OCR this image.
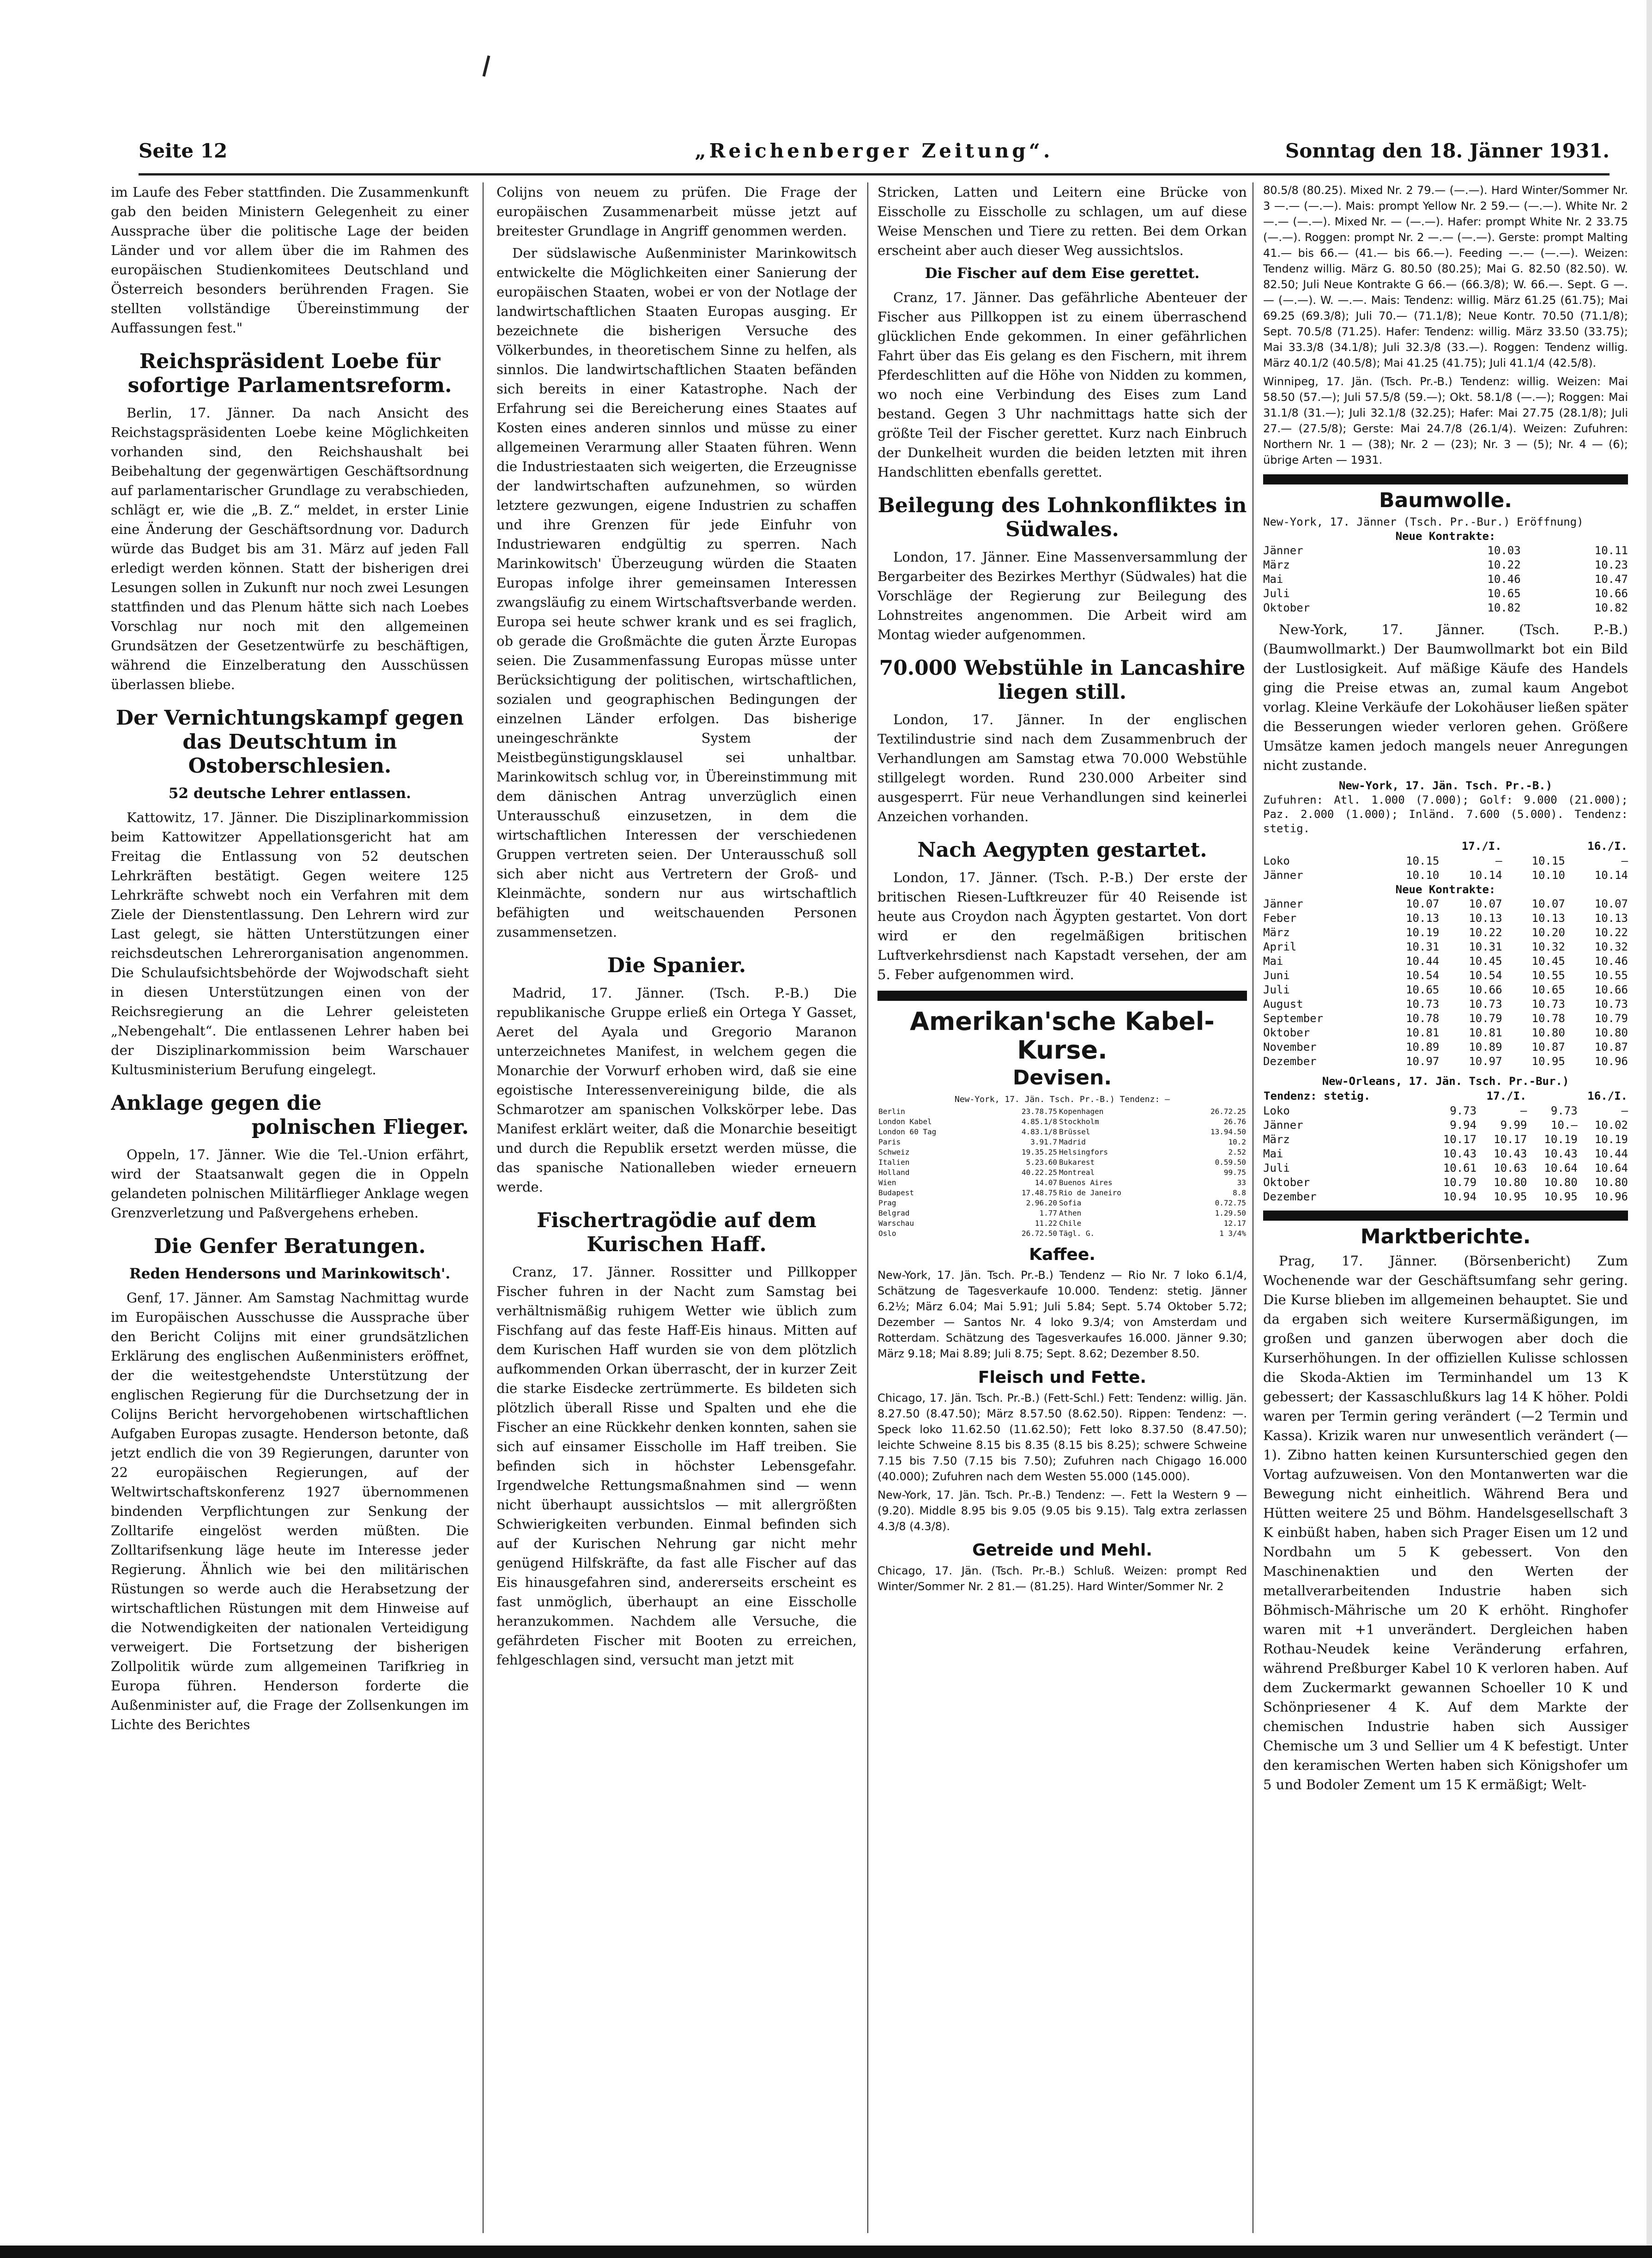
Seite 12	„Reichenberger Zeitung“.	Sonntag den 18. Jänner 1931.

im Laufe des Feber stattfinden. Die Zusammenkunft gab den beiden Ministern Gelegenheit zu einer Aussprache über die politische Lage der beiden Länder und vor allem über die im Rahmen des europäischen Studienkomitees Deutschland und Österreich besonders berührenden Fragen. Sie stellten vollständige Übereinstimmung der Auffassungen fest."

Reichspräsident Loebe für sofortige Parlamentsreform.

Berlin, 17. Jänner. Da nach Ansicht des Reichstagspräsidenten Loebe keine Möglichkeiten vorhanden sind, den Reichshaushalt bei Beibehaltung der gegenwärtigen Geschäftsordnung auf parlamentarischer Grundlage zu verabschieden, schlägt er, wie die „B. Z.“ meldet, in erster Linie eine Änderung der Geschäftsordnung vor. Dadurch würde das Budget bis am 31. März auf jeden Fall erledigt werden können. Statt der bisherigen drei Lesungen sollen in Zukunft nur noch zwei Lesungen stattfinden und das Plenum hätte sich nach Loebes Vorschlag nur noch mit den allgemeinen Grundsätzen der Gesetzentwürfe zu beschäftigen, während die Einzelberatung den Ausschüssen überlassen bliebe.

Der Vernichtungskampf gegen das Deutschtum in Ostoberschlesien.
52 deutsche Lehrer entlassen.

Kattowitz, 17. Jänner. Die Disziplinarkommission beim Kattowitzer Appellationsgericht hat am Freitag die Entlassung von 52 deutschen Lehrkräften bestätigt. Gegen weitere 125 Lehrkräfte schwebt noch ein Verfahren mit dem Ziele der Dienstentlassung. Den Lehrern wird zur Last gelegt, sie hätten Unterstützungen einer reichsdeutschen Lehrerorganisation angenommen. Die Schulaufsichtsbehörde der Wojwodschaft sieht in diesen Unterstützungen einen von der Reichsregierung an die Lehrer geleisteten „Nebengehalt“. Die entlassenen Lehrer haben bei der Disziplinarkommission beim Warschauer Kultusministerium Berufung eingelegt.

Anklage gegen die
polnischen Flieger.

Oppeln, 17. Jänner. Wie die Tel.-Union erfährt, wird der Staatsanwalt gegen die in Oppeln gelandeten polnischen Militärflieger Anklage wegen Grenzverletzung und Paßvergehens erheben.

Die Genfer Beratungen.
Reden Hendersons und Marinkowitsch'.

Genf, 17. Jänner. Am Samstag Nachmittag wurde im Europäischen Ausschusse die Aussprache über den Bericht Colijns mit einer grundsätzlichen Erklärung des englischen Außenministers eröffnet, der die weitestgehendste Unterstützung der englischen Regierung für die Durchsetzung der in Colijns Bericht hervorgehobenen wirtschaftlichen Aufgaben Europas zusagte. Henderson betonte, daß jetzt endlich die von 39 Regierungen, darunter von 22 europäischen Regierungen, auf der Weltwirtschaftskonferenz 1927 übernommenen bindenden Verpflichtungen zur Senkung der Zolltarife eingelöst werden müßten. Die Zolltarifsenkung läge heute im Interesse jeder Regierung. Ähnlich wie bei den militärischen Rüstungen so werde auch die Herabsetzung der wirtschaftlichen Rüstungen mit dem Hinweise auf die Notwendigkeiten der nationalen Verteidigung verweigert. Die Fortsetzung der bisherigen Zollpolitik würde zum allgemeinen Tarifkrieg in Europa führen. Henderson forderte die Außenminister auf, die Frage der Zollsenkungen im Lichte des Berichtes

Colijns von neuem zu prüfen. Die Frage der europäischen Zusammenarbeit müsse jetzt auf breitester Grundlage in Angriff genommen werden.

Der südslawische Außenminister Marinkowitsch entwickelte die Möglichkeiten einer Sanierung der europäischen Staaten, wobei er von der Notlage der landwirtschaftlichen Staaten Europas ausging. Er bezeichnete die bisherigen Versuche des Völkerbundes, in theoretischem Sinne zu helfen, als sinnlos. Die landwirtschaftlichen Staaten befänden sich bereits in einer Katastrophe. Nach der Erfahrung sei die Bereicherung eines Staates auf Kosten eines anderen sinnlos und müsse zu einer allgemeinen Verarmung aller Staaten führen. Wenn die Industriestaaten sich weigerten, die Erzeugnisse der landwirtschaften aufzunehmen, so würden letztere gezwungen, eigene Industrien zu schaffen und ihre Grenzen für jede Einfuhr von Industriewaren endgültig zu sperren. Nach Marinkowitsch' Überzeugung würden die Staaten Europas infolge ihrer gemeinsamen Interessen zwangsläufig zu einem Wirtschaftsverbande werden. Europa sei heute schwer krank und es sei fraglich, ob gerade die Großmächte die guten Ärzte Europas seien. Die Zusammenfassung Europas müsse unter Berücksichtigung der politischen, wirtschaftlichen, sozialen und geographischen Bedingungen der einzelnen Länder erfolgen. Das bisherige uneingeschränkte System der Meistbegünstigungsklausel sei unhaltbar. Marinkowitsch schlug vor, in Übereinstimmung mit dem dänischen Antrag unverzüglich einen Unterausschuß einzusetzen, in dem die wirtschaftlichen Interessen der verschiedenen Gruppen vertreten seien. Der Unterausschuß soll sich aber nicht aus Vertretern der Groß- und Kleinmächte, sondern nur aus wirtschaftlich befähigten und weitschauenden Personen zusammensetzen.

Die Spanier.

Madrid, 17. Jänner. (Tsch. P.-B.) Die republikanische Gruppe erließ ein Ortega Y Gasset, Aeret del Ayala und Gregorio Maranon unterzeichnetes Manifest, in welchem gegen die Monarchie der Vorwurf erhoben wird, daß sie eine egoistische Interessenvereinigung bilde, die als Schmarotzer am spanischen Volkskörper lebe. Das Manifest erklärt weiter, daß die Monarchie beseitigt und durch die Republik ersetzt werden müsse, die das spanische Nationalleben wieder erneuern werde.

Fischertragödie auf dem Kurischen Haff.

Cranz, 17. Jänner. Rossitter und Pillkopper Fischer fuhren in der Nacht zum Samstag bei verhältnismäßig ruhigem Wetter wie üblich zum Fischfang auf das feste Haff-Eis hinaus. Mitten auf dem Kurischen Haff wurden sie von dem plötzlich aufkommenden Orkan überrascht, der in kurzer Zeit die starke Eisdecke zertrümmerte. Es bildeten sich plötzlich überall Risse und Spalten und ehe die Fischer an eine Rückkehr denken konnten, sahen sie sich auf einsamer Eisscholle im Haff treiben. Sie befinden sich in höchster Lebensgefahr. Irgendwelche Rettungsmaßnahmen sind — wenn nicht überhaupt aussichtslos — mit allergrößten Schwierigkeiten verbunden. Einmal befinden sich auf der Kurischen Nehrung gar nicht mehr genügend Hilfskräfte, da fast alle Fischer auf das Eis hinausgefahren sind, andererseits erscheint es fast unmöglich, überhaupt an eine Eisscholle heranzukommen. Nachdem alle Versuche, die gefährdeten Fischer mit Booten zu erreichen, fehlgeschlagen sind, versucht man jetzt mit

Stricken, Latten und Leitern eine Brücke von Eisscholle zu Eisscholle zu schlagen, um auf diese Weise Menschen und Tiere zu retten. Bei dem Orkan erscheint aber auch dieser Weg aussichtslos.

Die Fischer auf dem Eise gerettet.

Cranz, 17. Jänner. Das gefährliche Abenteuer der Fischer aus Pillkoppen ist zu einem überraschend glücklichen Ende gekommen. In einer gefährlichen Fahrt über das Eis gelang es den Fischern, mit ihrem Pferdeschlitten auf die Höhe von Nidden zu kommen, wo noch eine Verbindung des Eises zum Land bestand. Gegen 3 Uhr nachmittags hatte sich der größte Teil der Fischer gerettet. Kurz nach Einbruch der Dunkelheit wurden die beiden letzten mit ihren Handschlitten ebenfalls gerettet.

Beilegung des Lohnkonfliktes in Südwales.

London, 17. Jänner. Eine Massenversammlung der Bergarbeiter des Bezirkes Merthyr (Südwales) hat die Vorschläge der Regierung zur Beilegung des Lohnstreites angenommen. Die Arbeit wird am Montag wieder aufgenommen.

70.000 Webstühle in Lancashire liegen still.

London, 17. Jänner. In der englischen Textilindustrie sind nach dem Zusammenbruch der Verhandlungen am Samstag etwa 70.000 Webstühle stillgelegt worden. Rund 230.000 Arbeiter sind ausgesperrt. Für neue Verhandlungen sind keinerlei Anzeichen vorhanden.

Nach Aegypten gestartet.

London, 17. Jänner. (Tsch. P.-B.) Der erste der britischen Riesen-Luftkreuzer für 40 Reisende ist heute aus Croydon nach Ägypten gestartet. Von dort wird er den regelmäßigen britischen Luftverkehrsdienst nach Kapstadt versehen, der am 5. Feber aufgenommen wird.

Amerikan'sche Kabel-Kurse.
Devisen.
New-York, 17. Jän. Tsch. Pr.-B.) Tendenz: —
Berlin	23.78.75	Kopenhagen	26.72.25
London Kabel	4.85.1/8	Stockholm	26.76
London 60 Tag	4.83.1/8	Brüssel	13.94.50
Paris	3.91.7	Madrid	10.2
Schweiz	19.35.25	Helsingfors	2.52
Italien	5.23.60	Bukarest	0.59.50
Holland	40.22.25	Montreal	99.75
Wien	14.07	Buenos Aires	33
Budapest	17.48.75	Rio de Janeiro	8.8
Prag	2.96.20	Sofia	0.72.75
Belgrad	1.77	Athen	1.29.50
Warschau	11.22	Chile	12.17
Oslo	26.72.50	Tägl. G.	1 3/4%
Kaffee.

New-York, 17. Jän. Tsch. Pr.-B.) Tendenz — Rio Nr. 7 loko 6.1/4, Schätzung de Tagesverkaufe 10.000. Tendenz: stetig. Jänner 6.2½; März 6.04; Mai 5.91; Juli 5.84; Sept. 5.74 Oktober 5.72; Dezember — Santos Nr. 4 loko 9.3/4; von Amsterdam und Rotterdam. Schätzung des Tagesverkaufes 16.000. Jänner 9.30; März 9.18; Mai 8.89; Juli 8.75; Sept. 8.62; Dezember 8.50.

Fleisch und Fette.

Chicago, 17. Jän. Tsch. Pr.-B.) (Fett-Schl.) Fett: Tendenz: willig. Jän. 8.27.50 (8.47.50); März 8.57.50 (8.62.50). Rippen: Tendenz: —. Speck loko 11.62.50 (11.62.50); Fett loko 8.37.50 (8.47.50); leichte Schweine 8.15 bis 8.35 (8.15 bis 8.25); schwere Schweine 7.15 bis 7.50 (7.15 bis 7.50); Zufuhren nach Chigago 16.000 (40.000); Zufuhren nach dem Westen 55.000 (145.000).

New-York, 17. Jän. Tsch. Pr.-B.) Tendenz: —. Fett la Western 9 — (9.20). Middle 8.95 bis 9.05 (9.05 bis 9.15). Talg extra zerlassen 4.3/8 (4.3/8).

Getreide und Mehl.

Chicago, 17. Jän. (Tsch. Pr.-B.) Schluß. Weizen: prompt Red Winter/Sommer Nr. 2 81.— (81.25). Hard Winter/Sommer Nr. 2

80.5/8 (80.25). Mixed Nr. 2 79.— (—.—). Hard Winter/Sommer Nr. 3 —.— (—.—). Mais: prompt Yellow Nr. 2 59.— (—.—). White Nr. 2 —.— (—.—). Mixed Nr. — (—.—). Hafer: prompt White Nr. 2 33.75 (—.—). Roggen: prompt Nr. 2 —.— (—.—). Gerste: prompt Malting 41.— bis 66.— (41.— bis 66.—). Feeding —.— (—.—). Weizen: Tendenz willig. März G. 80.50 (80.25); Mai G. 82.50 (82.50). W. 82.50; Juli Neue Kontrakte G 66.— (66.3/8); W. 66.—. Sept. G —.— (—.—). W. —.—. Mais: Tendenz: willig. März 61.25 (61.75); Mai 69.25 (69.3/8); Juli 70.— (71.1/8); Neue Kontr. 70.50 (71.1/8); Sept. 70.5/8 (71.25). Hafer: Tendenz: willig. März 33.50 (33.75); Mai 33.3/8 (34.1/8); Juli 32.3/8 (33.—). Roggen: Tendenz willig. März 40.1/2 (40.5/8); Mai 41.25 (41.75); Juli 41.1/4 (42.5/8).

Winnipeg, 17. Jän. (Tsch. Pr.-B.) Tendenz: willig. Weizen: Mai 58.50 (57.—); Juli 57.5/8 (59.—); Okt. 58.1/8 (—.—); Roggen: Mai 31.1/8 (31.—); Juli 32.1/8 (32.25); Hafer: Mai 27.75 (28.1/8); Juli 27.— (27.5/8); Gerste: Mai 24.7/8 (26.1/4). Weizen: Zufuhren: Northern Nr. 1 — (38); Nr. 2 — (23); Nr. 3 — (5); Nr. 4 — (6); übrige Arten — 1931.

Baumwolle.
New-York, 17. Jänner (Tsch. Pr.-Bur.) Eröffnung)
Neue Kontrakte:
Jänner	10.03	10.11
März	10.22	10.23
Mai	10.46	10.47
Juli	10.65	10.66
Oktober	10.82	10.82

New-York, 17. Jänner. (Tsch. P.-B.) (Baumwollmarkt.) Der Baumwollmarkt bot ein Bild der Lustlosigkeit. Auf mäßige Käufe des Handels ging die Preise etwas an, zumal kaum Angebot vorlag. Kleine Verkäufe der Lokohäuser ließen später die Besserungen wieder verloren gehen. Größere Umsätze kamen jedoch mangels neuer Anregungen nicht zustande.

New-York, 17. Jän. Tsch. Pr.-B.)

Zufuhren: Atl. 1.000 (7.000); Golf: 9.000 (21.000); Paz. 2.000 (1.000); Inländ. 7.600 (5.000). Tendenz: stetig.

	17./I.		16./I.	
Loko	10.15	—	10.15	—
Jänner	10.10	10.14	10.10	10.14
Neue Kontrakte:				
Jänner	10.07	10.07	10.07	10.07
Feber	10.13	10.13	10.13	10.13
März	10.19	10.22	10.20	10.22
April	10.31	10.31	10.32	10.32
Mai	10.44	10.45	10.45	10.46
Juni	10.54	10.54	10.55	10.55
Juli	10.65	10.66	10.65	10.66
August	10.73	10.73	10.73	10.73
September	10.78	10.79	10.78	10.79
Oktober	10.81	10.81	10.80	10.80
November	10.89	10.89	10.87	10.87
Dezember	10.97	10.97	10.95	10.96
New-Orleans, 17. Jän. Tsch. Pr.-Bur.)
Tendenz: stetig.	17./I.		16./I.	
Loko	9.73	—	9.73	—
Jänner	9.94	9.99	10.—	10.02
März	10.17	10.17	10.19	10.19
Mai	10.43	10.43	10.43	10.44
Juli	10.61	10.63	10.64	10.64
Oktober	10.79	10.80	10.80	10.80
Dezember	10.94	10.95	10.95	10.96
Marktberichte.

Prag, 17. Jänner. (Börsenbericht) Zum Wochenende war der Geschäftsumfang sehr gering. Die Kurse blieben im allgemeinen behauptet. Sie und da ergaben sich weitere Kursermäßigungen, im großen und ganzen überwogen aber doch die Kurserhöhungen. In der offiziellen Kulisse schlossen die Skoda-Aktien im Terminhandel um 13 K gebessert; der Kassaschlußkurs lag 14 K höher. Poldi waren per Termin gering verändert (—2 Termin und Kassa). Krizik waren nur unwesentlich verändert (—1). Zibno hatten keinen Kursunterschied gegen den Vortag aufzuweisen. Von den Montanwerten war die Bewegung nicht einheitlich. Während Bera und Hütten weitere 25 und Böhm. Handelsgesellschaft 3 K einbüßt haben, haben sich Prager Eisen um 12 und Nordbahn um 5 K gebessert. Von den Maschinenaktien und den Werten der metallverarbeitenden Industrie haben sich Böhmisch-Mährische um 20 K erhöht. Ringhofer waren mit +1 unverändert. Dergleichen haben Rothau-Neudek keine Veränderung erfahren, während Preßburger Kabel 10 K verloren haben. Auf dem Zuckermarkt gewannen Schoeller 10 K und Schönpriesener 4 K. Auf dem Markte der chemischen Industrie haben sich Aussiger Chemische um 3 und Sellier um 4 K befestigt. Unter den keramischen Werten haben sich Königshofer um 5 und Bodoler Zement um 15 K ermäßigt; Welt-
